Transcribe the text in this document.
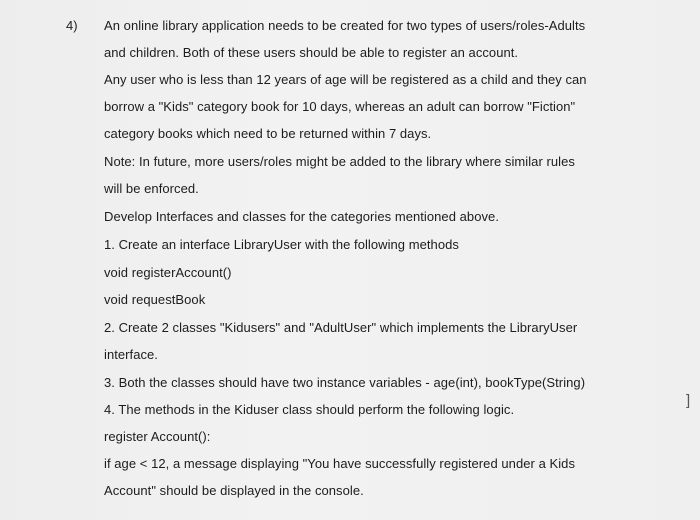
4) An online library application needs to be created for two types of users/roles-Adults
and children. Both of these users should be able to register an account.
Any user who is less than 12 years of age will be registered as a child and they can
borrow a "Kids" category book for 10 days, whereas an adult can borrow "Fiction"
category books which need to be returned within 7 days.
Note: In future, more users/roles might be added to the library where similar rules
will be enforced.
Develop Interfaces and classes for the categories mentioned above.
1. Create an interface LibraryUser with the following methods
void registerAccount()
void requestBook
2. Create 2 classes "Kidusers" and "AdultUser" which implements the LibraryUser
interface.
3. Both the classes should have two instance variables - age(int), bookType(String)
4. The methods in the Kiduser class should perform the following logic.
register Account():
if age < 12, a message displaying "You have successfully registered under a Kids
Account" should be displayed in the console.
]
